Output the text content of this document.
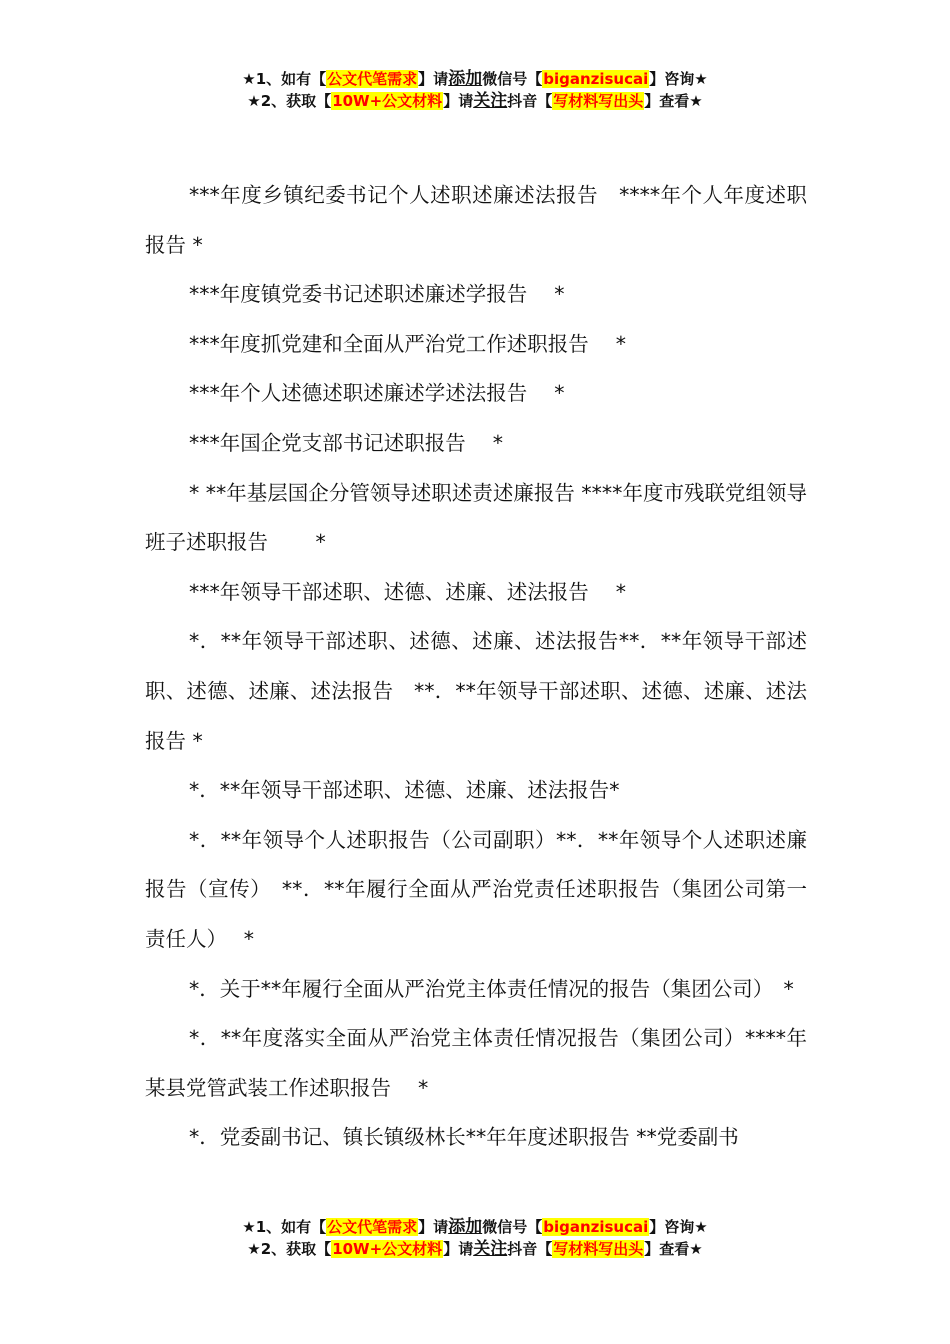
★1、如有【公文代笔需求】请添加微信号【biganzisucai】咨询★
★2、获取【10W+公文材料】请关注抖音【写材料写出头】查看★

***年度乡镇纪委书记个人述职述廉述法报告　****年个人年度述职报告 *

***年度镇党委书记述职述廉述学报告　 *

***年度抓党建和全面从严治党工作述职报告　 *

***年个人述德述职述廉述学述法报告　 *

***年国企党支部书记述职报告　 *

* **年基层国企分管领导述职述责述廉报告 ****年度市残联党组领导班子述职报告　 　*

***年领导干部述职、述德、述廉、述法报告　 *

*．**年领导干部述职、述德、述廉、述法报告**．**年领导干部述职、述德、述廉、述法报告　**．**年领导干部述职、述德、述廉、述法报告 *

*．**年领导干部述职、述德、述廉、述法报告*

*．**年领导个人述职报告（公司副职）**．**年领导个人述职述廉报告（宣传）　**．**年履行全面从严治党责任述职报告（集团公司第一责任人）　 *

*．关于**年履行全面从严治党主体责任情况的报告（集团公司）　*

*．**年度落实全面从严治党主体责任情况报告（集团公司）****年某县党管武装工作述职报告　 *

*．党委副书记、镇长镇级林长**年年度述职报告 **党委副书

★1、如有【公文代笔需求】请添加微信号【biganzisucai】咨询★
★2、获取【10W+公文材料】请关注抖音【写材料写出头】查看★
